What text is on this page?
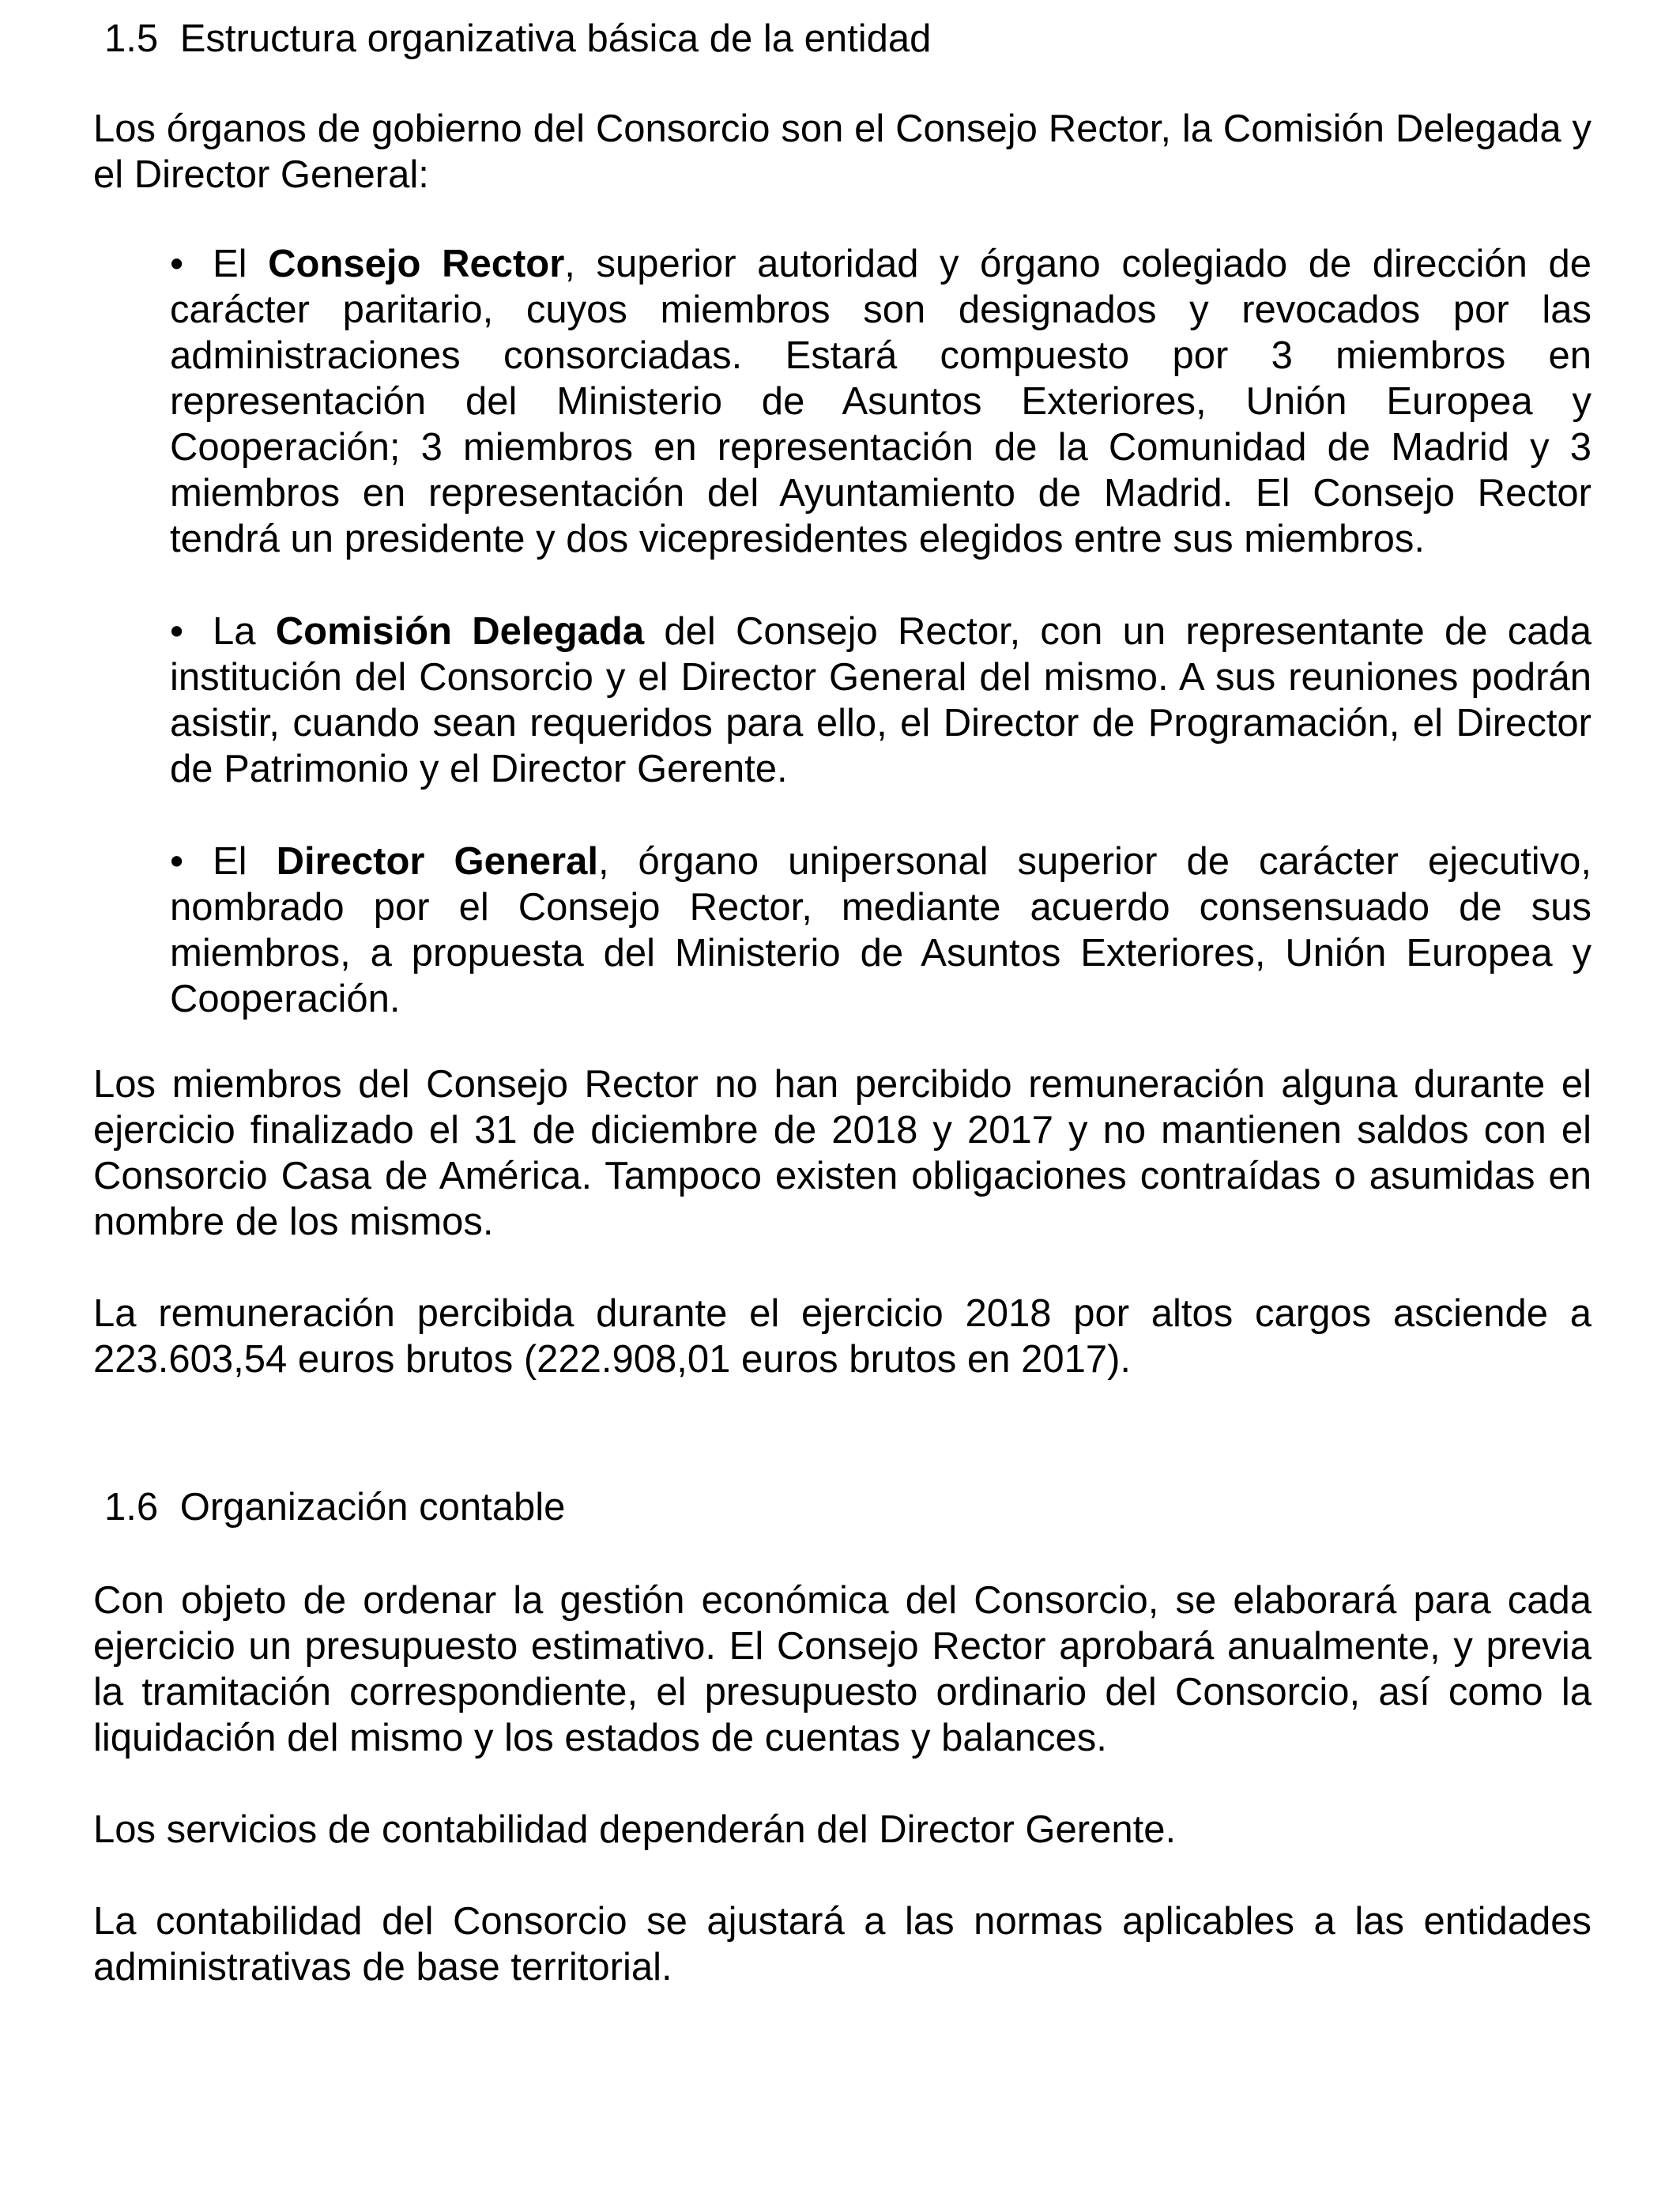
1.5 Estructura organizativa básica de la entidad

Los órganos de gobierno del Consorcio son el Consejo Rector, la Comisión Delegada y el Director General:

• El Consejo Rector, superior autoridad y órgano colegiado de dirección de carácter paritario, cuyos miembros son designados y revocados por las administraciones consorciadas. Estará compuesto por 3 miembros en representación del Ministerio de Asuntos Exteriores, Unión Europea y Cooperación; 3 miembros en representación de la Comunidad de Madrid y 3 miembros en representación del Ayuntamiento de Madrid. El Consejo Rector tendrá un presidente y dos vicepresidentes elegidos entre sus miembros.
• La Comisión Delegada del Consejo Rector, con un representante de cada institución del Consorcio y el Director General del mismo. A sus reuniones podrán asistir, cuando sean requeridos para ello, el Director de Programación, el Director de Patrimonio y el Director Gerente.
• El Director General, órgano unipersonal superior de carácter ejecutivo, nombrado por el Consejo Rector, mediante acuerdo consensuado de sus miembros, a propuesta del Ministerio de Asuntos Exteriores, Unión Europea y Cooperación.

Los miembros del Consejo Rector no han percibido remuneración alguna durante el ejercicio finalizado el 31 de diciembre de 2018 y 2017 y no mantienen saldos con el Consorcio Casa de América. Tampoco existen obligaciones contraídas o asumidas en nombre de los mismos.

La remuneración percibida durante el ejercicio 2018 por altos cargos asciende a 223.603,54 euros brutos (222.908,01 euros brutos en 2017).

1.6 Organización contable

Con objeto de ordenar la gestión económica del Consorcio, se elaborará para cada ejercicio un presupuesto estimativo. El Consejo Rector aprobará anualmente, y previa la tramitación correspondiente, el presupuesto ordinario del Consorcio, así como la liquidación del mismo y los estados de cuentas y balances.

Los servicios de contabilidad dependerán del Director Gerente.

La contabilidad del Consorcio se ajustará a las normas aplicables a las entidades administrativas de base territorial.
